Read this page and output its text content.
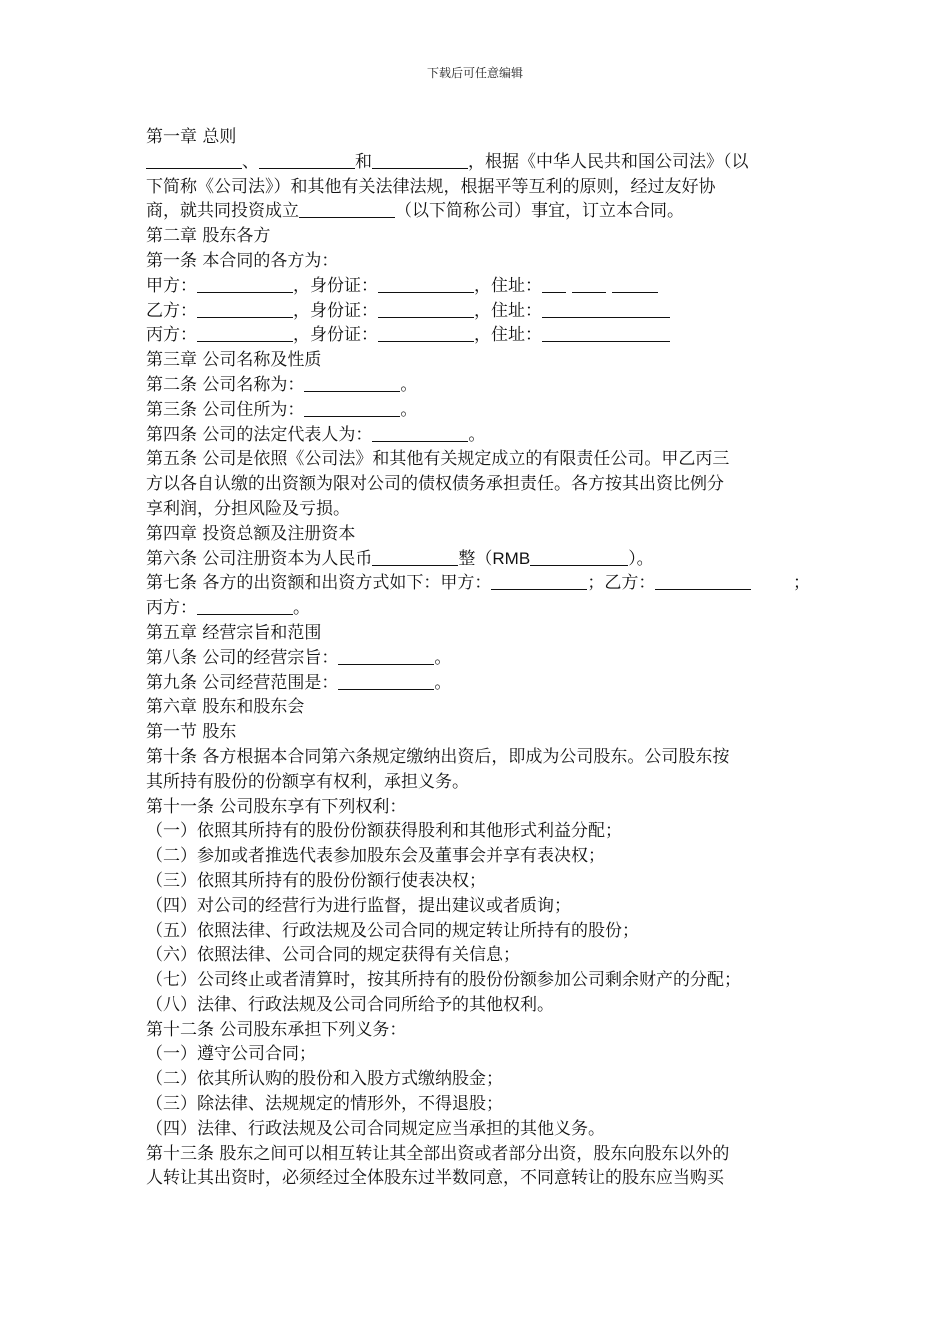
下载后可任意编辑
第一章 总则
、	和	，根据《中华人民共和国公司法》（以
下简称《公司法》）和其他有关法律法规，根据平等互利的原则，经过友好协
商，就共同投资成立	（以下简称公司）事宜，订立本合同。
第二章 股东各方
第一条 本合同的各方为：
甲方：	，身份证：	，住址：
乙方：	，身份证：	，住址：
丙方：	，身份证：	，住址：
第三章 公司名称及性质
第二条 公司名称为：	。
第三条 公司住所为：	。
第四条 公司的法定代表人为：	。
第五条 公司是依照《公司法》和其他有关规定成立的有限责任公司。甲乙丙三
方以各自认缴的出资额为限对公司的债权债务承担责任。各方按其出资比例分
享利润，分担风险及亏损。
第四章 投资总额及注册资本
第六条 公司注册资本为人民币	整（RMB	）。
第七条 各方的出资额和出资方式如下：甲方：	；乙方：	；
丙方：	。
第五章 经营宗旨和范围
第八条 公司的经营宗旨：	。
第九条 公司经营范围是：	。
第六章 股东和股东会
第一节 股东
第十条 各方根据本合同第六条规定缴纳出资后，即成为公司股东。公司股东按
其所持有股份的份额享有权利，承担义务。
第十一条 公司股东享有下列权利：
（一）依照其所持有的股份份额获得股利和其他形式利益分配；
（二）参加或者推选代表参加股东会及董事会并享有表决权；
（三）依照其所持有的股份份额行使表决权；
（四）对公司的经营行为进行监督，提出建议或者质询；
（五）依照法律、行政法规及公司合同的规定转让所持有的股份；
（六）依照法律、公司合同的规定获得有关信息；
（七）公司终止或者清算时，按其所持有的股份份额参加公司剩余财产的分配；
（八）法律、行政法规及公司合同所给予的其他权利。
第十二条 公司股东承担下列义务：
（一）遵守公司合同；
（二）依其所认购的股份和入股方式缴纳股金；
（三）除法律、法规规定的情形外，不得退股；
（四）法律、行政法规及公司合同规定应当承担的其他义务。
第十三条 股东之间可以相互转让其全部出资或者部分出资，股东向股东以外的
人转让其出资时，必须经过全体股东过半数同意，不同意转让的股东应当购买
